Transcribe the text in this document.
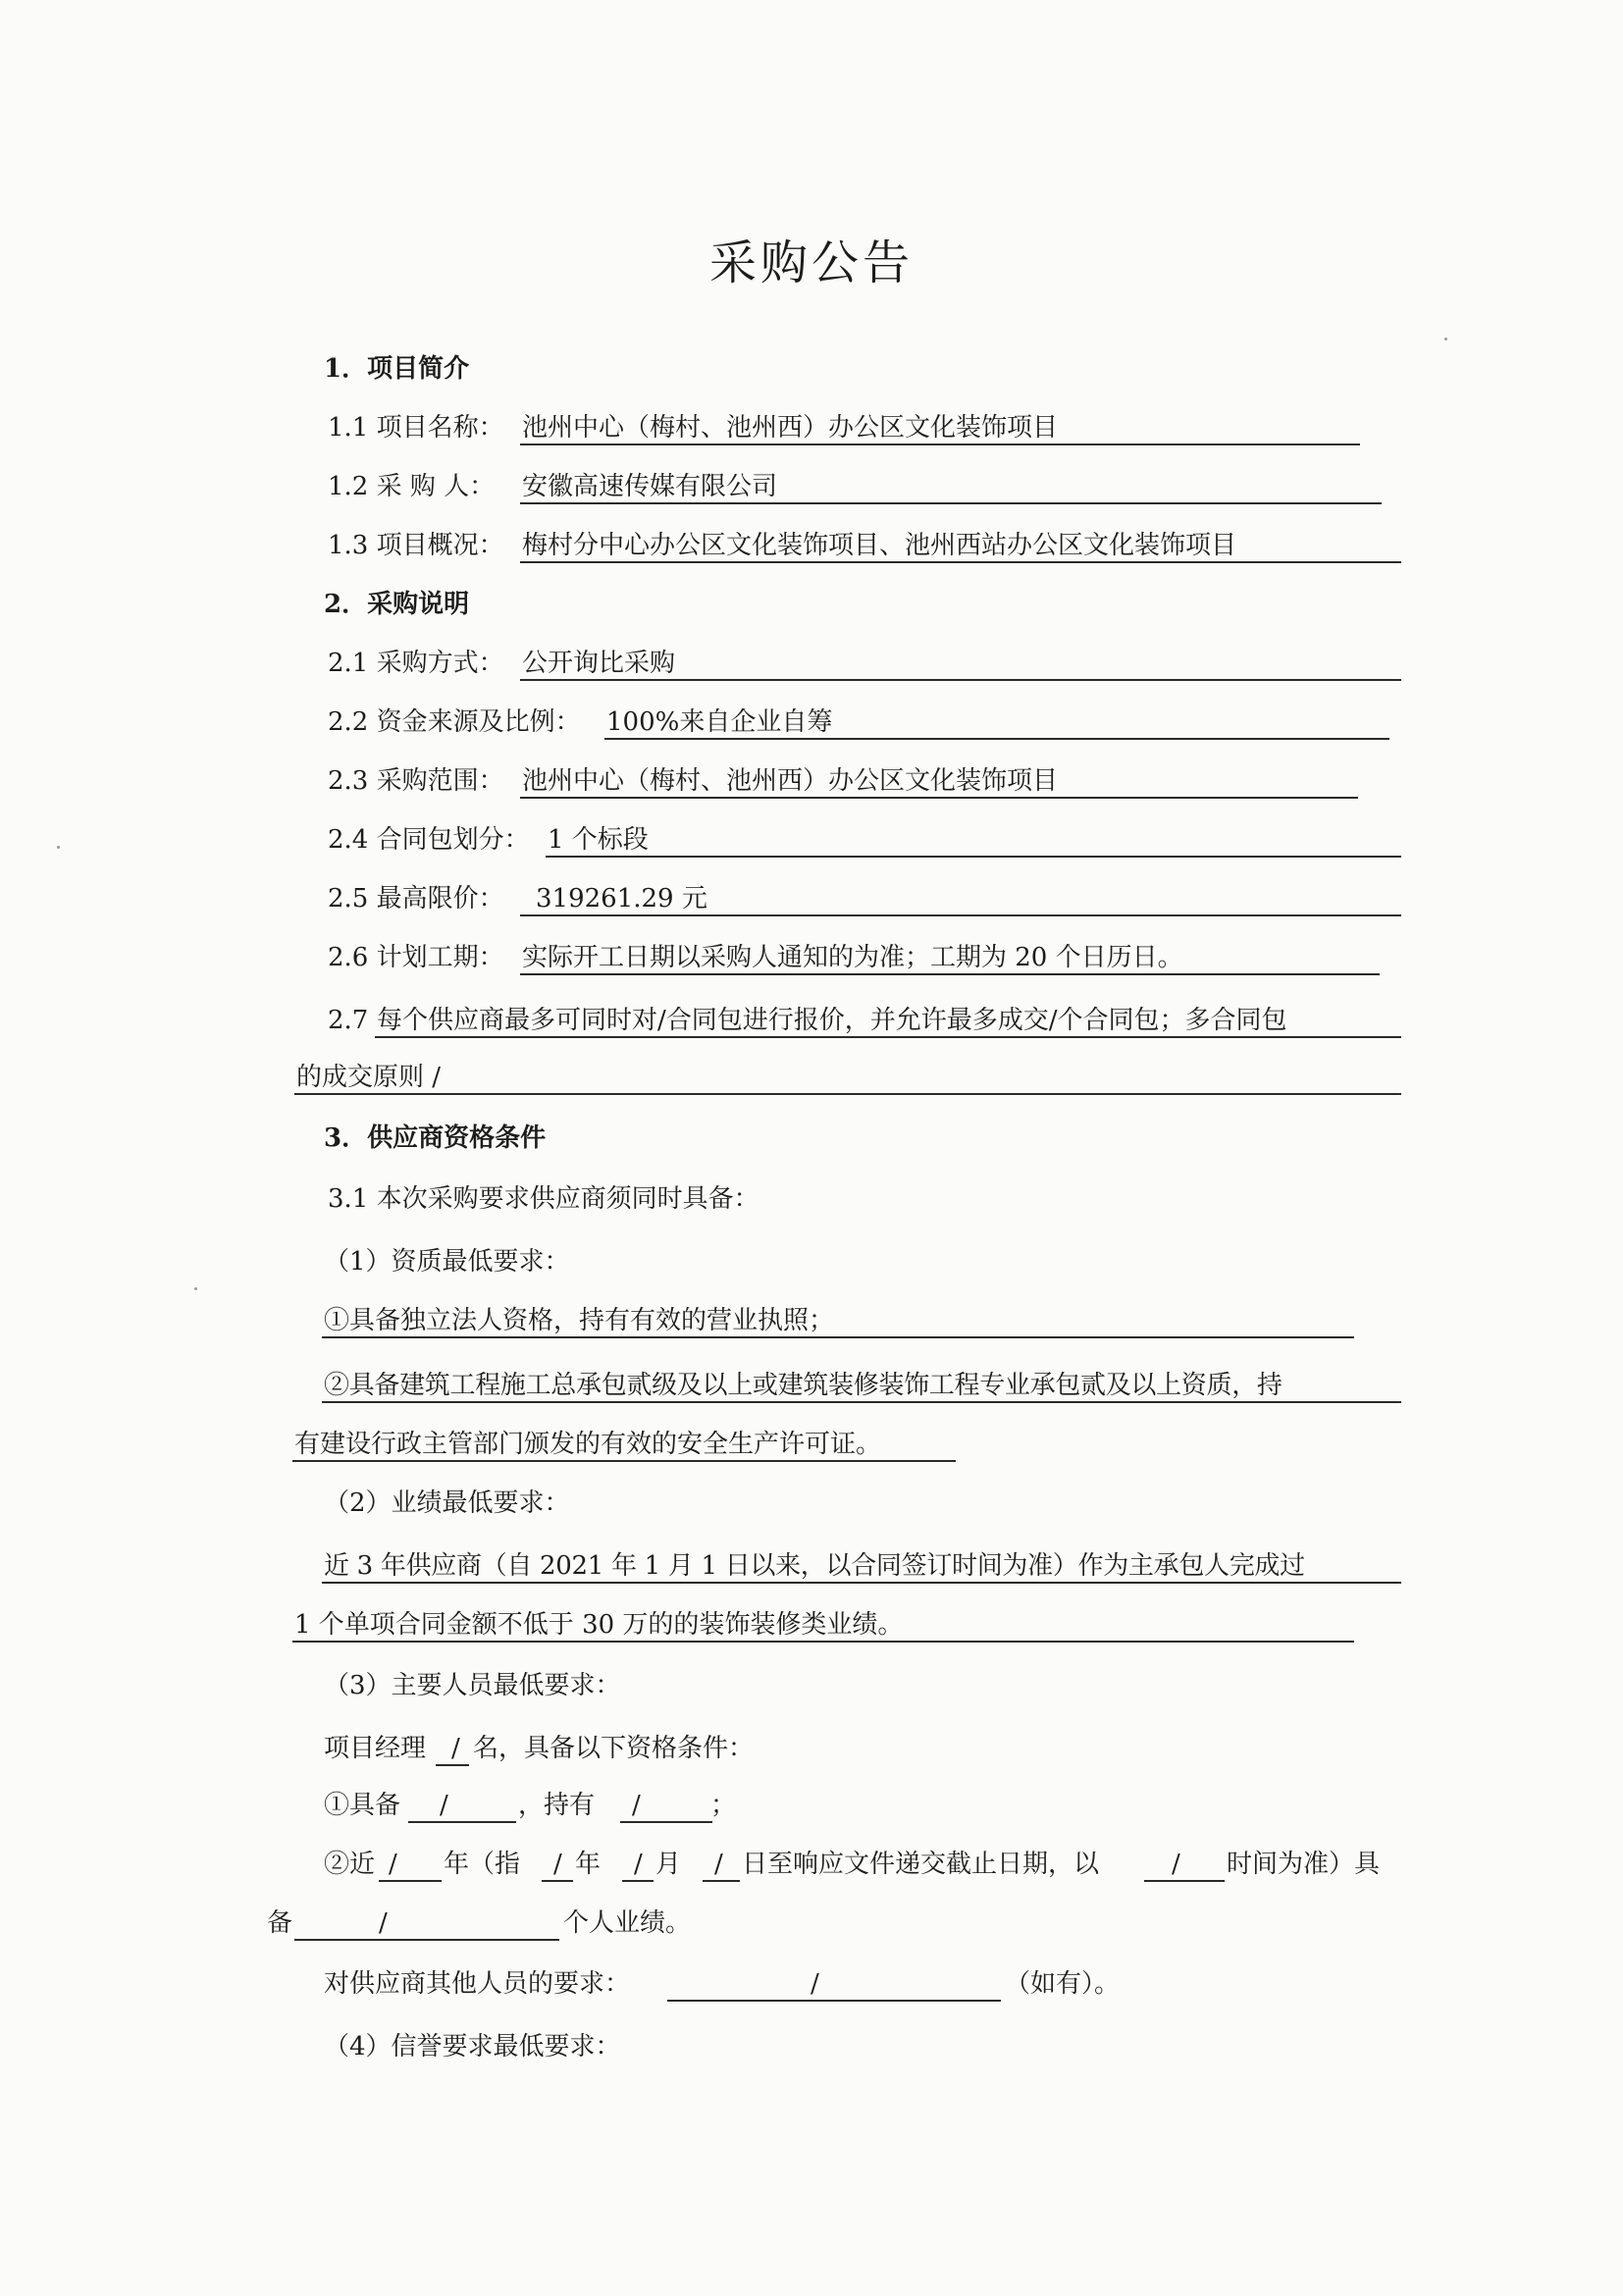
采购公告
1．项目简介
1.1 项目名称： 池州中心（梅村、池州西）办公区文化装饰项目
1.2 采 购 人： 安徽高速传媒有限公司
1.3 项目概况： 梅村分中心办公区文化装饰项目、池州西站办公区文化装饰项目
2．采购说明
2.1 采购方式： 公开询比采购
2.2 资金来源及比例： 100%来自企业自筹
2.3 采购范围： 池州中心（梅村、池州西）办公区文化装饰项目
2.4 合同包划分： 1 个标段
2.5 最高限价： 319261.29 元
2.6 计划工期： 实际开工日期以采购人通知的为准；工期为 20 个日历日。
2.7 每个供应商最多可同时对/合同包进行报价，并允许最多成交/个合同包；多合同包
的成交原则 /
3．供应商资格条件
3.1 本次采购要求供应商须同时具备：
（1）资质最低要求：
①具备独立法人资格，持有有效的营业执照；
②具备建筑工程施工总承包贰级及以上或建筑装修装饰工程专业承包贰及以上资质，持
有建设行政主管部门颁发的有效的安全生产许可证。
（2）业绩最低要求：
近 3 年供应商（自 2021 年 1 月 1 日以来，以合同签订时间为准）作为主承包人完成过
1 个单项合同金额不低于 30 万的的装饰装修类业绩。
（3）主要人员最低要求：
项目经理 / 名，具备以下资格条件：
①具备 /	，持有 /	；
②近 / 年（指 / 年 / 月 / 日至响应文件递交截止日期，以	/ 时间为准）具
备	/	个人业绩。
对供应商其他人员的要求：	/	（如有）。
（4）信誉要求最低要求：
